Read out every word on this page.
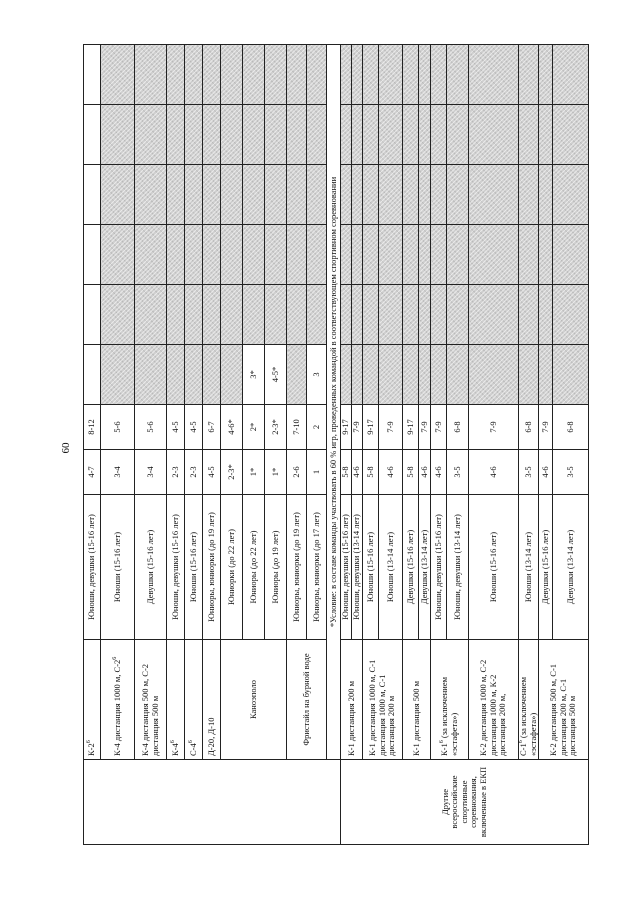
60
	$К-2^6$	Юноши, девушки (15-16 лет)	4-7	8-12						
	К-4 дистанция 1000 м, $С-2^6$	Юноши (15-16 лет)	3-4	5-6						
	К-4 дистанция 500 м, С-2 дистанция 500 м	Девушки (15-16 лет)	3-4	5-6						
	$К-4^6$	Юноши, девушки (15-16 лет)	2-3	4-5						
	$С-4^6$	Юноши (15-16 лет)	2-3	4-5						
	Д-20, Д-10	Юниоры, юниорки (до 19 лет)	4-5	6-7						
	Каноэполо	Юниорки (до 22 лет)	2-3*	4-6*						
		Юниоры (до 22 лет)	1*	2*	3*					
		Юниоры (до 19 лет)	1*	2-3*	4-5*					
	Фристайл на бурной воде	Юниоры, юниорки (до 19 лет)	2-6	7-10						
		Юниоры, юниорки (до 17 лет)	1	2	3					
	*Условие: в составе команды участвовать в 60 % игр, проведенных командой в соответствующем спортивном соревновании									
Другие всероссийские спортивные соревнования, включенные в ЕКП	К-1 дистанция 200 м	Юноши, девушки (15-16 лет)	5-8	9-17						
		Юноши, девушки (13-14 лет)	4-6	7-9						
	К-1 дистанция 1000 м, С-1 дистанция 1000 м, С-1 дистанция 200 м	Юноши (15-16 лет)	5-8	9-17						
		Юноши (13-14 лет)	4-6	7-9						
	К-1 дистанция 500 м	Девушки (15-16 лет)	5-8	9-17						
		Девушки (13-14 лет)	4-6	7-9						
	$К-1^6$ (за исключением «эстафета»)	Юноши, девушки (15-16 лет)	4-6	7-9						
		Юноши, девушки (13-14 лет)	3-5	6-8						
	К-2 дистанция 1000 м, С-2 дистанция 1000 м, К-2 дистанция 200 м,	Юноши (15-16 лет)	4-6	7-9						
	$С-1^6$ (за исключением «эстафета»)	Юноши (13-14 лет)	3-5	6-8						
	К-2 дистанция 500 м, С-1 дистанция 200 м, С-1 дистанция 500 м	Девушки (15-16 лет)	4-6	7-9						
		Девушки (13-14 лет)	3-5	6-8						
